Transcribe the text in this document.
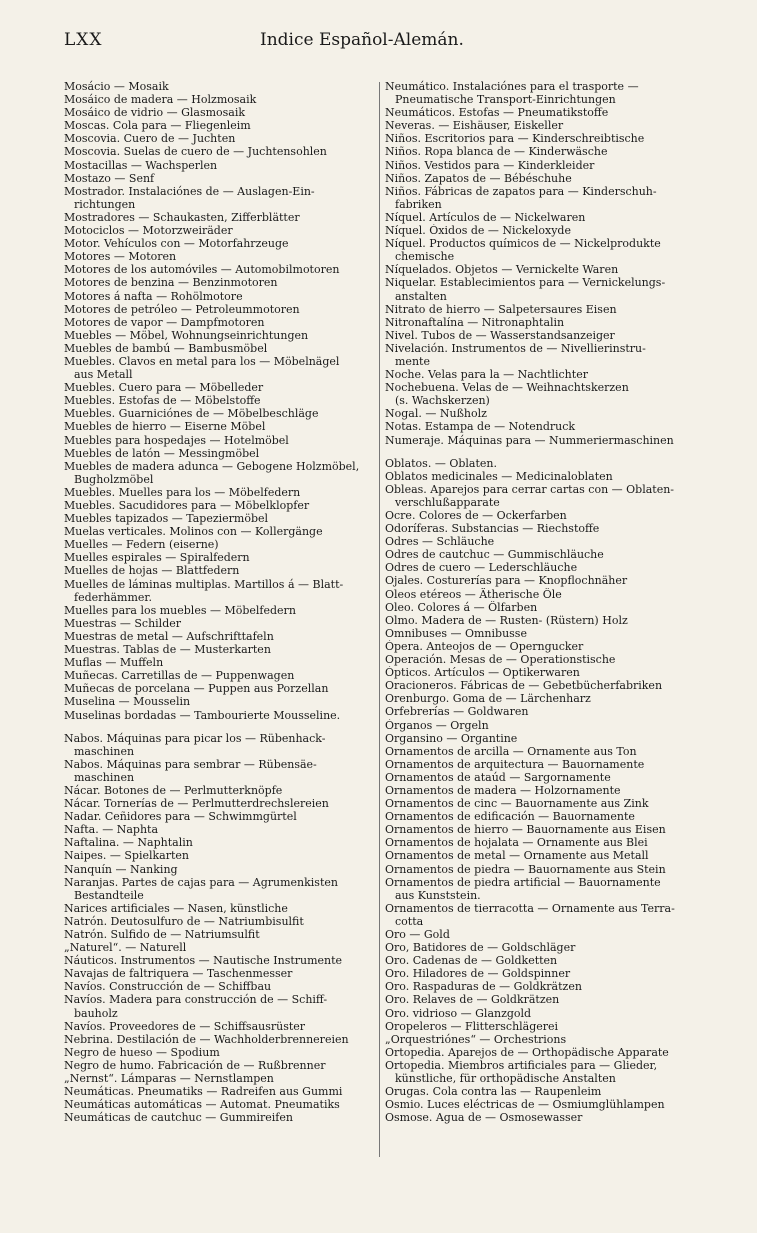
LXX	Indice Español-Alemán.
Mosácio — Mosaik
Mosáico de madera — Holzmosaik
Mosáico de vidrio — Glasmosaik
Moscas. Cola para — Fliegenleim
Moscovia. Cuero de — Juchten
Moscovia. Suelas de cuero de — Juchtensohlen
Mostacillas — Wachsperlen
Mostazo — Senf
Mostrador. Instalaciónes de — Auslagen-Ein-
richtungen
Mostradores — Schaukasten, Zifferblätter
Motociclos — Motorzweiräder
Motor. Vehículos con — Motorfahrzeuge
Motores — Motoren
Motores de los automóviles — Automobilmotoren
Motores de benzina — Benzinmotoren
Motores á nafta — Rohölmotore
Motores de petróleo — Petroleummotoren
Motores de vapor — Dampfmotoren
Muebles — Möbel, Wohnungseinrichtungen
Muebles de bambú — Bambusmöbel
Muebles. Clavos en metal para los — Möbelnägel
aus Metall
Muebles. Cuero para — Möbelleder
Muebles. Estofas de — Möbelstoffe
Muebles. Guarniciónes de — Möbelbeschläge
Muebles de hierro — Eiserne Möbel
Muebles para hospedajes — Hotelmöbel
Muebles de latón — Messingmöbel
Muebles de madera adunca — Gebogene Holzmöbel,
Bugholzmöbel
Muebles. Muelles para los — Möbelfedern
Muebles. Sacudidores para — Möbelklopfer
Muebles tapizados — Tapeziermöbel
Muelas verticales. Molinos con — Kollergänge
Muelles — Federn (eiserne)
Muelles espirales — Spiralfedern
Muelles de hojas — Blattfedern
Muelles de láminas multiplas. Martillos á — Blatt-
federhämmer.
Muelles para los muebles — Möbelfedern
Muestras — Schilder
Muestras de metal — Aufschrifttafeln
Muestras. Tablas de — Musterkarten
Muflas — Muffeln
Muñecas. Carretillas de — Puppenwagen
Muñecas de porcelana — Puppen aus Porzellan
Muselina — Mousselin
Muselinas bordadas — Tambourierte Mousseline.
Nabos. Máquinas para picar los — Rübenhack-
maschinen
Nabos. Máquinas para sembrar — Rübensäe-
maschinen
Nácar. Botones de — Perlmutterknöpfe
Nácar. Tornerías de — Perlmutterdrechslereien
Nadar. Ceñidores para — Schwimmgürtel
Nafta. — Naphta
Naftalina. — Naphtalin
Naipes. — Spielkarten
Nanquín — Nanking
Naranjas. Partes de cajas para — Agrumenkisten
Bestandteile
Narices artificiales — Nasen, künstliche
Natrón. Deutosulfuro de — Natriumbisulfit
Natrón. Sulfido de — Natriumsulfit
„Naturel“. — Naturell
Náuticos. Instrumentos — Nautische Instrumente
Navajas de faltriquera — Taschenmesser
Navíos. Construcción de — Schiffbau
Navíos. Madera para construcción de — Schiff-
bauholz
Navíos. Proveedores de — Schiffsausrüster
Nebrina. Destilación de — Wachholderbrennereien
Negro de hueso — Spodium
Negro de humo. Fabricación de — Rußbrenner
„Nernst“. Lámparas — Nernstlampen
Neumáticas. Pneumatiks — Radreifen aus Gummi
Neumáticas automáticas — Automat. Pneumatiks
Neumáticas de cautchuc — Gummireifen
Neumático. Instalaciónes para el trasporte —
Pneumatische Transport-Einrichtungen
Neumáticos. Estofas — Pneumatikstoffe
Neveras. — Eishäuser, Eiskeller
Niños. Escritorios para — Kinderschreibtische
Niños. Ropa blanca de — Kinderwäsche
Niños. Vestidos para — Kinderkleider
Niños. Zapatos de — Bébéschuhe
Niños. Fábricas de zapatos para — Kinderschuh-
fabriken
Níquel. Artículos de — Nickelwaren
Níquel. Óxidos de — Nickeloxyde
Níquel. Productos químicos de — Nickelprodukte
chemische
Níquelados. Objetos — Vernickelte Waren
Niquelar. Establecimientos para — Vernickelungs-
anstalten
Nitrato de hierro — Salpetersaures Eisen
Nitronaftalína — Nitronaphtalin
Nivel. Tubos de — Wasserstandsanzeiger
Nivelación. Instrumentos de — Nivellierinstru-
mente
Noche. Velas para la — Nachtlichter
Nochebuena. Velas de — Weihnachtskerzen
(s. Wachskerzen)
Nogal. — Nußholz
Notas. Estampa de — Notendruck
Numeraje. Máquinas para — Nummeriermaschinen
Oblatos. — Oblaten.
Oblatos medicinales — Medicinaloblaten
Obleas. Aparejos para cerrar cartas con — Oblaten-
verschlußapparate
Ocre. Colores de — Ockerfarben
Odoríferas. Substancias — Riechstoffe
Odres — Schläuche
Odres de cautchuc — Gummischläuche
Odres de cuero — Lederschläuche
Ojales. Costurerías para — Knopflochnäher
Oleos etéreos — Ätherische Öle
Oleo. Colores á — Ölfarben
Olmo. Madera de — Rusten- (Rüstern) Holz
Omnibuses — Omnibusse
Ópera. Anteojos de — Operngucker
Operación. Mesas de — Operationstische
Ópticos. Artículos — Optikerwaren
Oracioneros. Fábricas de — Gebetbücherfabriken
Orenburgo. Goma de — Lärchenharz
Orfebrerías — Goldwaren
Órganos — Orgeln
Organsino — Organtine
Ornamentos de arcilla — Ornamente aus Ton
Ornamentos de arquitectura — Bauornamente
Ornamentos de ataúd — Sargornamente
Ornamentos de madera — Holzornamente
Ornamentos de cinc — Bauornamente aus Zink
Ornamentos de edificación — Bauornamente
Ornamentos de hierro — Bauornamente aus Eisen
Ornamentos de hojalata — Ornamente aus Blei
Ornamentos de metal — Ornamente aus Metall
Ornamentos de piedra — Bauornamente aus Stein
Ornamentos de piedra artificial — Bauornamente
aus Kunststein.
Ornamentos de tierracotta — Ornamente aus Terra-
cotta
Oro — Gold
Oro, Batidores de — Goldschläger
Oro. Cadenas de — Goldketten
Oro. Hiladores de — Goldspinner
Oro. Raspaduras de — Goldkrätzen
Oro. Relaves de — Goldkrätzen
Oro. vidrioso — Glanzgold
Oropeleros — Flitterschlägerei
„Orquestriónes“ — Orchestrions
Ortopedia. Aparejos de — Orthopädische Apparate
Ortopedia. Miembros artificiales para — Glieder,
künstliche, für orthopädische Anstalten
Orugas. Cola contra las — Raupenleim
Osmio. Luces eléctricas de — Osmiumglühlampen
Osmose. Agua de — Osmosewasser
